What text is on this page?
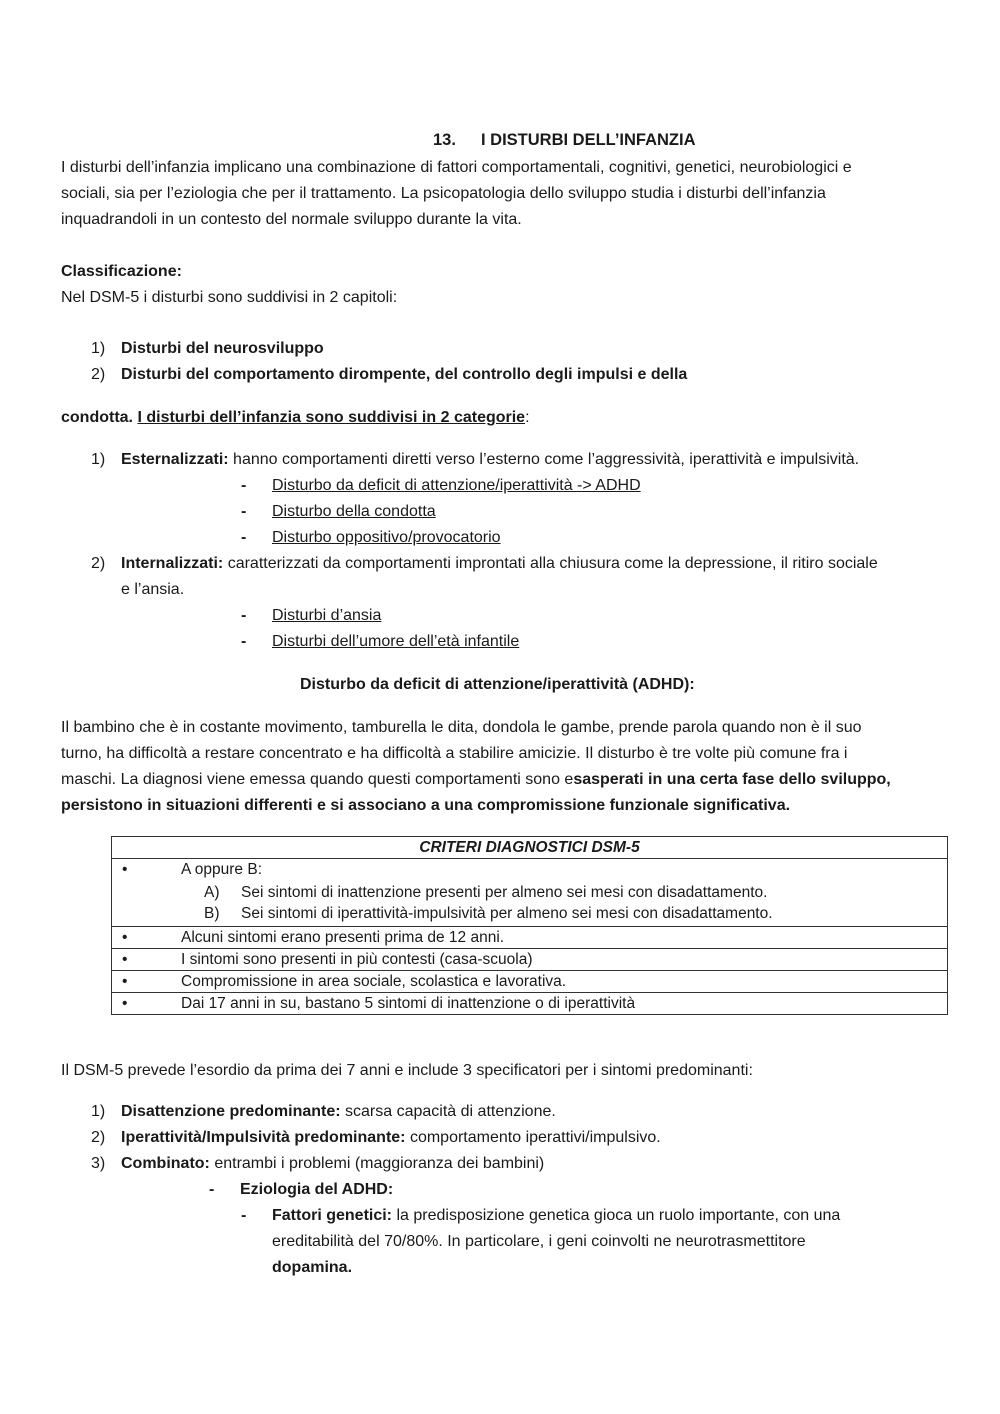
13. I DISTURBI DELL’INFANZIA
I disturbi dell’infanzia implicano una combinazione di fattori comportamentali, cognitivi, genetici, neurobiologici e
sociali, sia per l’eziologia che per il trattamento. La psicopatologia dello sviluppo studia i disturbi dell’infanzia
inquadrandoli in un contesto del normale sviluppo durante la vita.
Classificazione:
Nel DSM-5 i disturbi sono suddivisi in 2 capitoli:
1) Disturbi del neurosviluppo
2) Disturbi del comportamento dirompente, del controllo degli impulsi e della
condotta. I disturbi dell’infanzia sono suddivisi in 2 categorie:
1) Esternalizzati: hanno comportamenti diretti verso l’esterno come l’aggressività, iperattività e impulsività.
- Disturbo da deficit di attenzione/iperattività -> ADHD
- Disturbo della condotta
- Disturbo oppositivo/provocatorio
2) Internalizzati: caratterizzati da comportamenti improntati alla chiusura come la depressione, il ritiro sociale
e l’ansia.
- Disturbi d’ansia
- Disturbi dell’umore dell’età infantile
Disturbo da deficit di attenzione/iperattività (ADHD):
Il bambino che è in costante movimento, tamburella le dita, dondola le gambe, prende parola quando non è il suo
turno, ha difficoltà a restare concentrato e ha difficoltà a stabilire amicizie. Il disturbo è tre volte più comune fra i
maschi. La diagnosi viene emessa quando questi comportamenti sono esasperati in una certa fase dello sviluppo,
persistono in situazioni differenti e si associano a una compromissione funzionale significativa.
CRITERI DIAGNOSTICI DSM-5

•	A oppure B:
A) Sei sintomi di inattenzione presenti per almeno sei mesi con disadattamento.
B) Sei sintomi di iperattività-impulsività per almeno sei mesi con disadattamento.

•	Alcuni sintomi erano presenti prima de 12 anni.

•	I sintomi sono presenti in più contesti (casa-scuola)

•	Compromissione in area sociale, scolastica e lavorativa.

•	Dai 17 anni in su, bastano 5 sintomi di inattenzione o di iperattività
Il DSM-5 prevede l’esordio da prima dei 7 anni e include 3 specificatori per i sintomi predominanti:
1) Disattenzione predominante: scarsa capacità di attenzione.
2) Iperattività/Impulsività predominante: comportamento iperattivi/impulsivo.
3) Combinato: entrambi i problemi (maggioranza dei bambini)
- Eziologia del ADHD:
- Fattori genetici: la predisposizione genetica gioca un ruolo importante, con una
ereditabilità del 70/80%. In particolare, i geni coinvolti ne neurotrasmettitore
dopamina.
